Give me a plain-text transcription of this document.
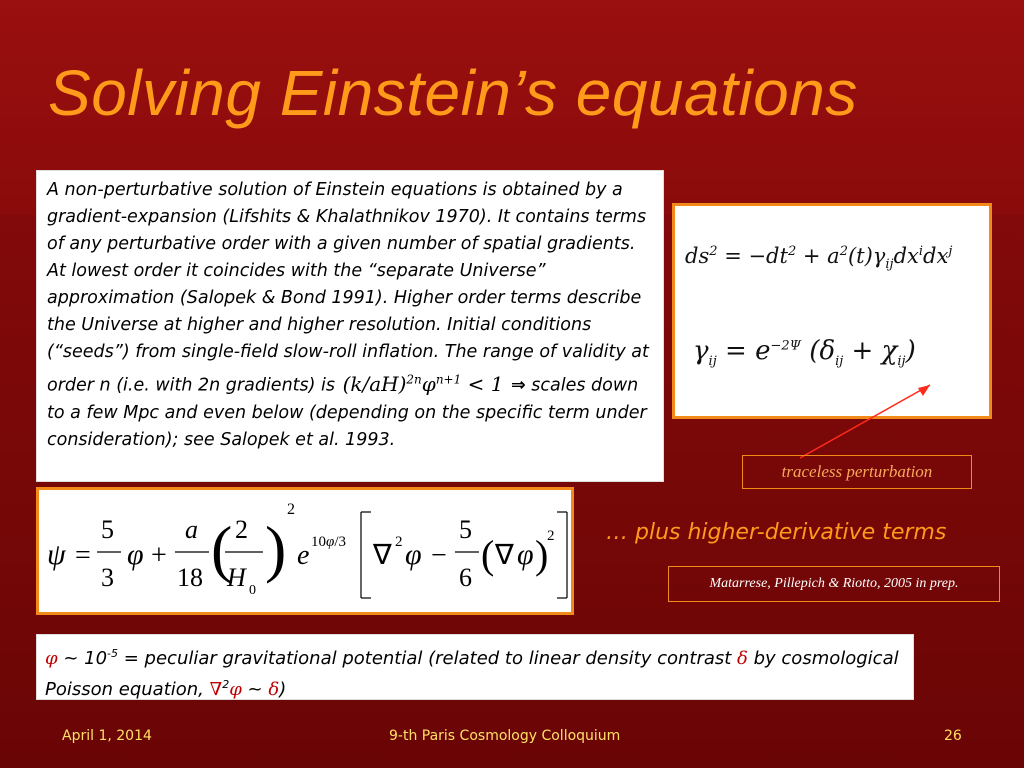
Solving Einstein’s equations
A non-perturbative solution of Einstein equations is obtained by a gradient-expansion (Lifshits & Khalathnikov 1970). It contains terms of any perturbative order with a given number of spatial gradients. At lowest order it coincides with the “separate Universe” approximation (Salopek & Bond 1991). Higher order terms describe the Universe at higher and higher resolution. Initial conditions (“seeds”) from single-field slow-roll inflation. The range of validity at order n (i.e. with 2n gradients) is $(k/aH)^{2n}\varphi^{n+1} < 1$ ⇒ scales down to a few Mpc and even below (depending on the specific term under consideration); see Salopek et al. 1993.
$ds^2 = -dt^2 + a^2(t)\gamma_{ij}dx^idx^j$
$\gamma_{ij} = e^{-2\Psi}$ $(\delta_{ij} + \chi_{ij})$
traceless perturbation
ψ =
5
3
φ +
a
18 ( 2
H 0
)
2
e 10φ/3 ∇ 2 φ −
5
6
( ∇ φ )
2 … plus higher-derivative terms
Matarrese, Pillepich & Riotto, 2005 in prep.
φ ~ $10^{-5}$ = peculiar gravitational potential (related to linear density contrast δ by cosmological Poisson equation, ∇$^2$φ ~ δ)
April 1, 2014	9-th Paris Cosmology Colloquium	26
